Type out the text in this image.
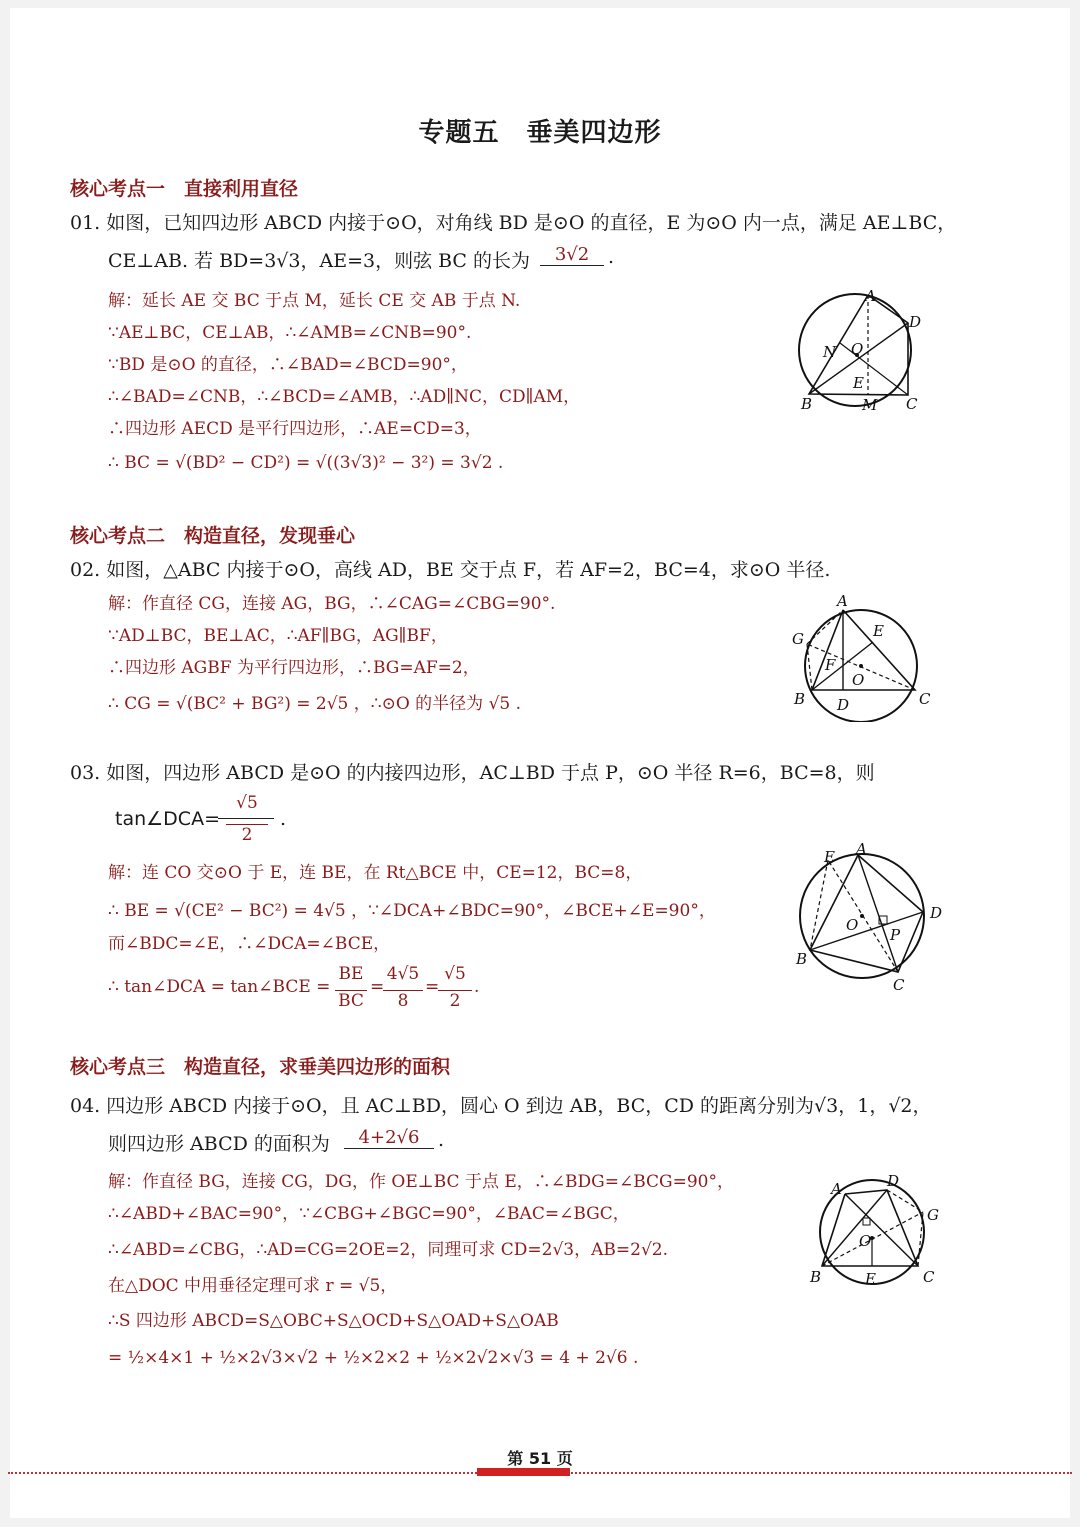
专题五　垂美四边形
核心考点一　直接利用直径
01. 如图，已知四边形 ABCD 内接于⊙O，对角线 BD 是⊙O 的直径，E 为⊙O 内一点，满足 AE⊥BC，
CE⊥AB. 若 BD=3√3，AE=3，则弦 BC 的长为	3√2 .
解：延长 AE 交 BC 于点 M，延长 CE 交 AB 于点 N.
∵AE⊥BC，CE⊥AB，∴∠AMB=∠CNB=90°.
∵BD 是⊙O 的直径，∴∠BAD=∠BCD=90°，
∴∠BAD=∠CNB，∴∠BCD=∠AMB，∴AD∥NC，CD∥AM，
∴四边形 AECD 是平行四边形，∴AE=CD=3，
∴ BC = √(BD² − CD²) = √((3√3)² − 3²) = 3√2 .
A
D
B	C
N O
E
M
核心考点二　构造直径，发现垂心
02. 如图，△ABC 内接于⊙O，高线 AD，BE 交于点 F，若 AF=2，BC=4，求⊙O 半径.
解：作直径 CG，连接 AG，BG，∴∠CAG=∠CBG=90°.
∵AD⊥BC，BE⊥AC，∴AF∥BG，AG∥BF，
∴四边形 AGBF 为平行四边形，∴BG=AF=2，
∴ CG = √(BC² + BG²) = 2√5 ，∴⊙O 的半径为 √5 .
A
G	E
F
O
B D	C
03. 如图，四边形 ABCD 是⊙O 的内接四边形，AC⊥BD 于点 P，⊙O 半径 R=6，BC=8，则
tan∠DCA=
√5
2
.
解：连 CO 交⊙O 于 E，连 BE，在 Rt△BCE 中，CE=12，BC=8，
∴ BE = √(CE² − BC²) = 4√5 ，∵∠DCA+∠BDC=90°，∠BCE+∠E=90°，
而∠BDC=∠E，∴∠DCA=∠BCE，
∴ tan∠DCA = tan∠BCE =
BE
BC
=
4√5
8
=
√5
2
.
E A
D
O
P
B
C
核心考点三　构造直径，求垂美四边形的面积
04. 四边形 ABCD 内接于⊙O，且 AC⊥BD，圆心 O 到边 AB，BC，CD 的距离分别为√3，1，√2，
则四边形 ABCD 的面积为	4+2√6 .
解：作直径 BG，连接 CG，DG，作 OE⊥BC 于点 E，∴∠BDG=∠BCG=90°，
∴∠ABD+∠BAC=90°，∵∠CBG+∠BGC=90°，∠BAC=∠BGC，
∴∠ABD=∠CBG，∴AD=CG=2OE=2，同理可求 CD=2√3，AB=2√2.
在△DOC 中用垂径定理可求 r = √5，
∴S 四边形 ABCD=S△OBC+S△OCD+S△OAD+S△OAB
= ½×4×1 + ½×2√3×√2 + ½×2×2 + ½×2√2×√3 = 4 + 2√6 .
A	D
G
O
B	E	C
第 51 页
